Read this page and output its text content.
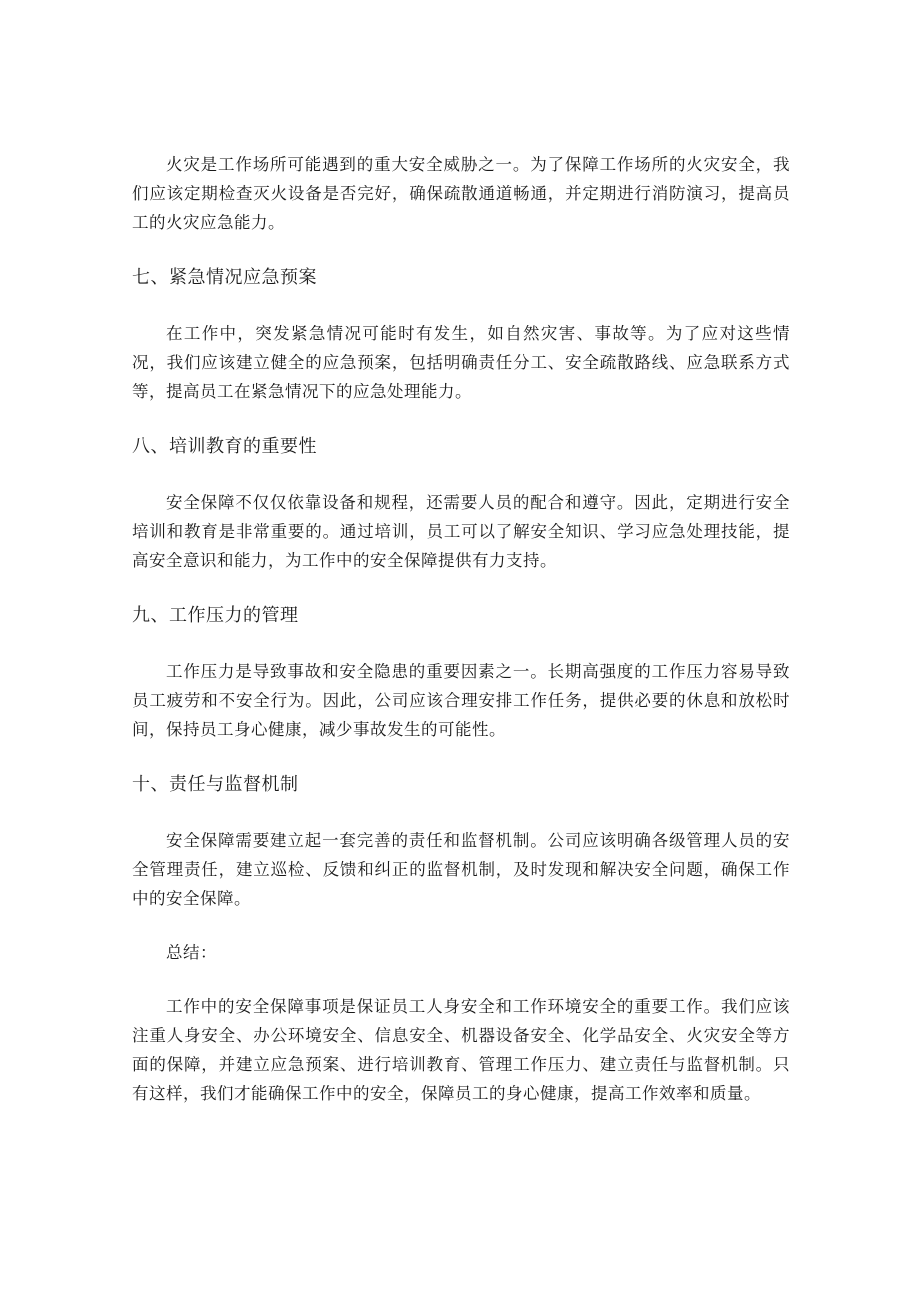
火灾是工作场所可能遇到的重大安全威胁之一。为了保障工作场所的火灾安全，我们应该定期检查灭火设备是否完好，确保疏散通道畅通，并定期进行消防演习，提高员工的火灾应急能力。

七、紧急情况应急预案

在工作中，突发紧急情况可能时有发生，如自然灾害、事故等。为了应对这些情况，我们应该建立健全的应急预案，包括明确责任分工、安全疏散路线、应急联系方式等，提高员工在紧急情况下的应急处理能力。

八、培训教育的重要性

安全保障不仅仅依靠设备和规程，还需要人员的配合和遵守。因此，定期进行安全培训和教育是非常重要的。通过培训，员工可以了解安全知识、学习应急处理技能，提高安全意识和能力，为工作中的安全保障提供有力支持。

九、工作压力的管理

工作压力是导致事故和安全隐患的重要因素之一。长期高强度的工作压力容易导致员工疲劳和不安全行为。因此，公司应该合理安排工作任务，提供必要的休息和放松时间，保持员工身心健康，减少事故发生的可能性。

十、责任与监督机制

安全保障需要建立起一套完善的责任和监督机制。公司应该明确各级管理人员的安全管理责任，建立巡检、反馈和纠正的监督机制，及时发现和解决安全问题，确保工作中的安全保障。

总结：

工作中的安全保障事项是保证员工人身安全和工作环境安全的重要工作。我们应该注重人身安全、办公环境安全、信息安全、机器设备安全、化学品安全、火灾安全等方面的保障，并建立应急预案、进行培训教育、管理工作压力、建立责任与监督机制。只有这样，我们才能确保工作中的安全，保障员工的身心健康，提高工作效率和质量。
